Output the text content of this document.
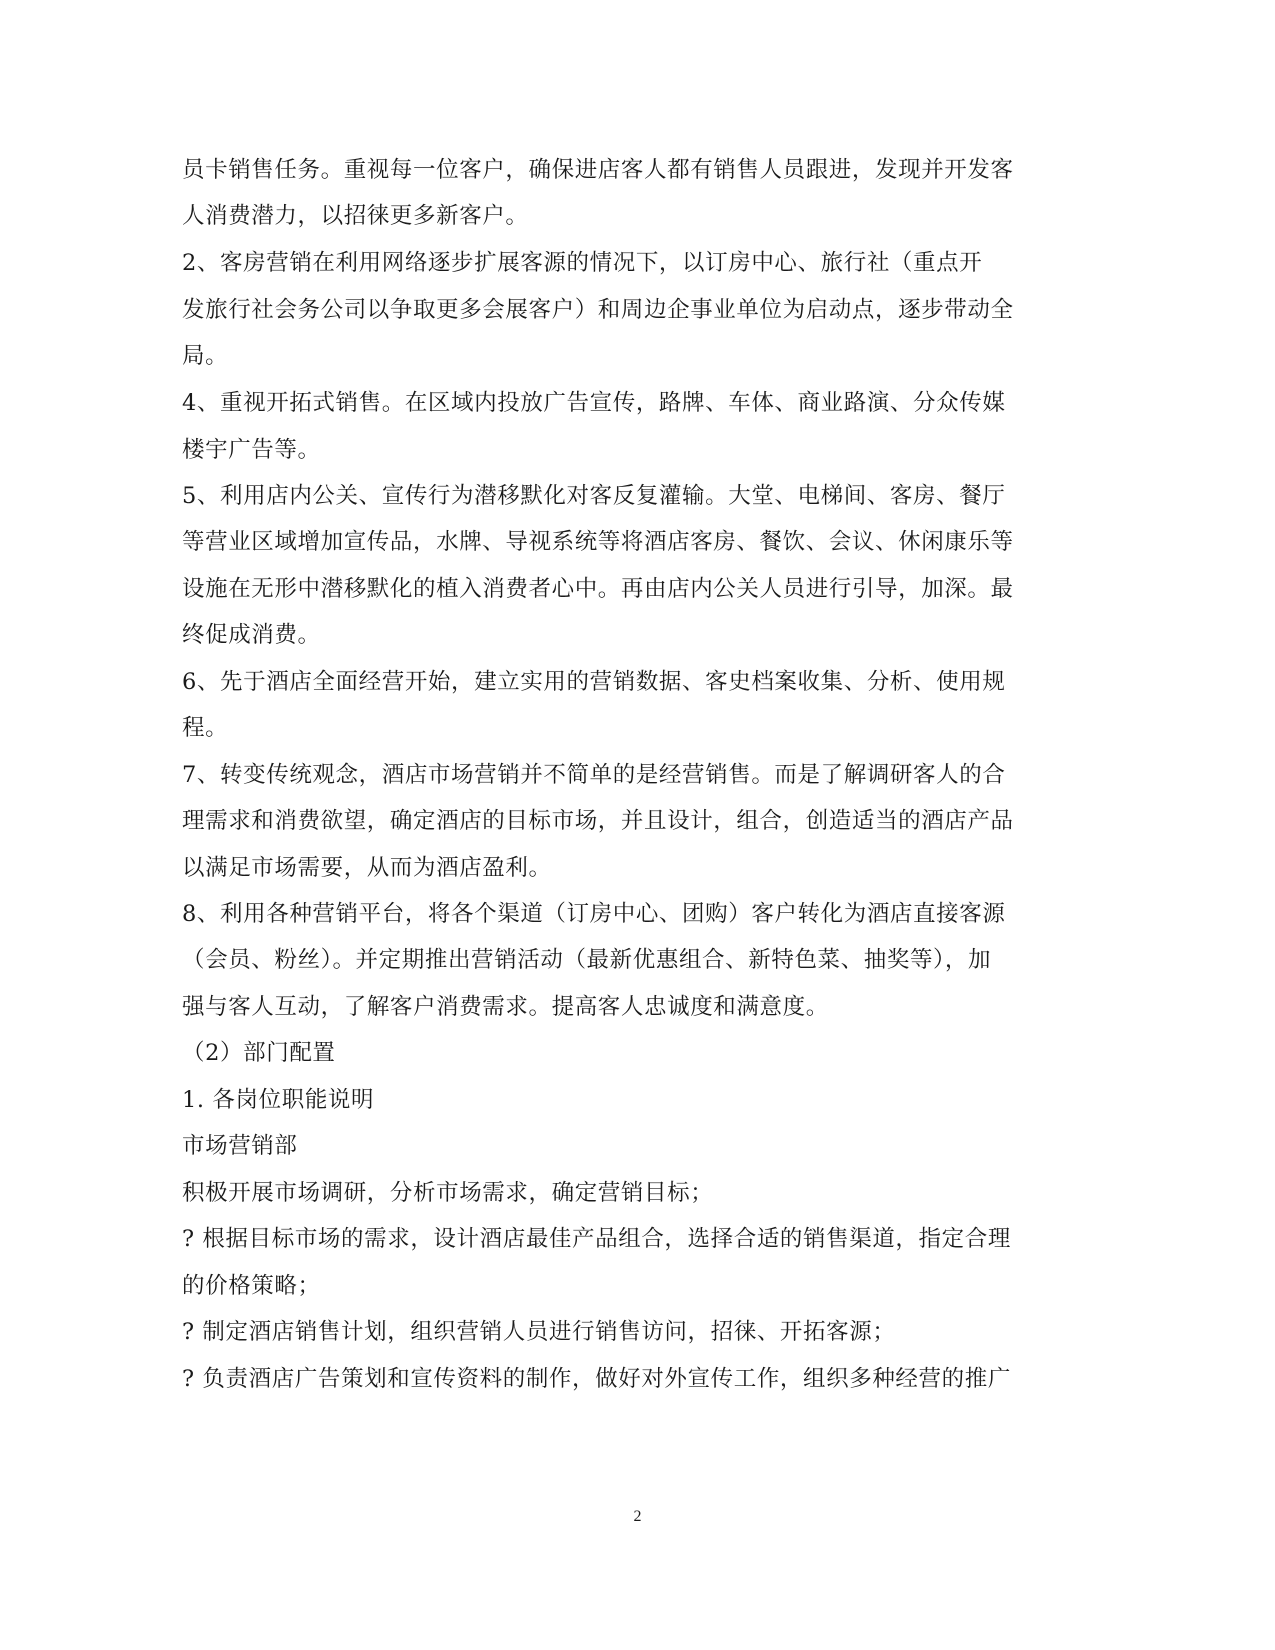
员卡销售任务。重视每一位客户，确保进店客人都有销售人员跟进，发现并开发客
人消费潜力，以招徕更多新客户。
2、客房营销在利用网络逐步扩展客源的情况下，以订房中心、旅行社（重点开
发旅行社会务公司以争取更多会展客户）和周边企事业单位为启动点，逐步带动全
局。
4、重视开拓式销售。在区域内投放广告宣传，路牌、车体、商业路演、分众传媒
楼宇广告等。
5、利用店内公关、宣传行为潜移默化对客反复灌输。大堂、电梯间、客房、餐厅
等营业区域增加宣传品，水牌、导视系统等将酒店客房、餐饮、会议、休闲康乐等
设施在无形中潜移默化的植入消费者心中。再由店内公关人员进行引导，加深。最
终促成消费。
6、先于酒店全面经营开始，建立实用的营销数据、客史档案收集、分析、使用规
程。
7、转变传统观念，酒店市场营销并不简单的是经营销售。而是了解调研客人的合
理需求和消费欲望，确定酒店的目标市场，并且设计，组合，创造适当的酒店产品
以满足市场需要，从而为酒店盈利。
8、利用各种营销平台，将各个渠道（订房中心、团购）客户转化为酒店直接客源
（会员、粉丝）。并定期推出营销活动（最新优惠组合、新特色菜、抽奖等），加
强与客人互动，了解客户消费需求。提高客人忠诚度和满意度。
（2）部门配置
1. 各岗位职能说明
市场营销部
积极开展市场调研，分析市场需求，确定营销目标；
? 根据目标市场的需求，设计酒店最佳产品组合，选择合适的销售渠道，指定合理
的价格策略；
? 制定酒店销售计划，组织营销人员进行销售访问，招徕、开拓客源；
? 负责酒店广告策划和宣传资料的制作，做好对外宣传工作，组织多种经营的推广
2
